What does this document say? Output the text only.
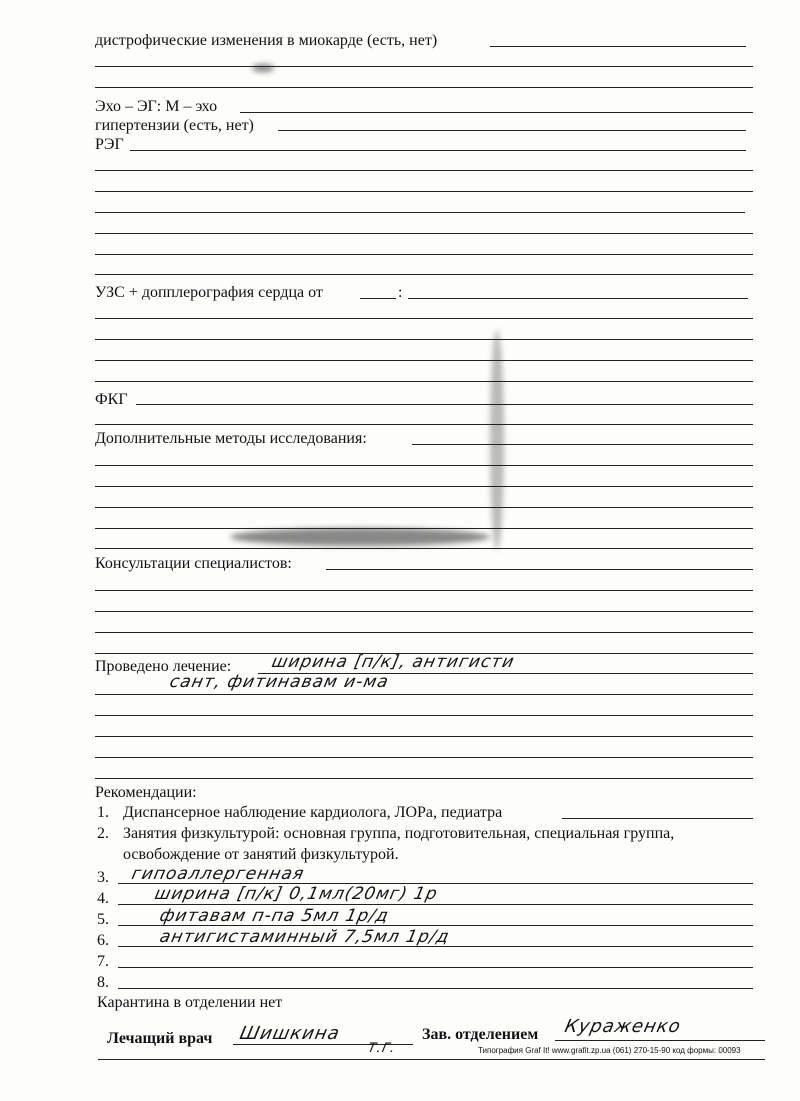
дистрофические изменения в миокарде (есть, нет)
Эхо – ЭГ: М – эхо
гипертензии (есть, нет)
РЭГ
УЗС + допплерография сердца от	:
ФКГ
Дополнительные методы исследования:
Консультации специалистов:
Проведено лечение: ширина [п/к], антигисти
сант, фитинавам и-ма
Рекомендации:
1. Диспансерное наблюдение кардиолога, ЛОРа, педиатра
2. Занятия физкультурой: основная группа, подготовительная, специальная группа,
освобождение от занятий физкультурой.
3. гипоаллергенная
4.	ширина [п/к] 0,1мл(20мг) 1р
5.	фитавам п-па 5мл 1р/д
6.	антигистаминный 7,5мл 1р/д
7.
8.
Карантина в отделении нет
Лечащий врач Шишкина
Т.Г.
Зав. отделением Кураженко
Типография Graf It! www.grafit.zp.ua (061) 270-15-90 код формы: 00093
